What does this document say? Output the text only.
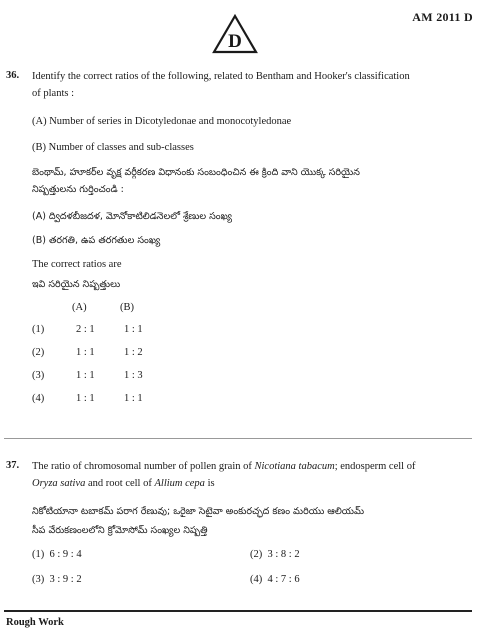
D
AM 2011 D
36. Identify the correct ratios of the following, related to Bentham and Hooker's classification
of plants :
(A) Number of series in Dicotyledonae and monocotyledonae
(B) Number of classes and sub-classes
బెంథామ్, హూకర్‌ల వృక్ష వర్గీకరణ విధానంకు సంబంధించిన ఈ క్రింది వాని యొక్క సరియైన
నిష్పత్తులను గుర్తించండి :
(A) ద్విదళబీజదళ, మోనోకాటిలిడనెలలో శ్రేణుల సంఖ్య
(B) తరగతి, ఉప తరగతుల సంఖ్య
The correct ratios are
ఇవి సరియైన నిష్పత్తులు
(A)	(B)
(1)	2 : 1	1 : 1
(2)	1 : 1	1 : 2
(3)	1 : 1	1 : 3
(4)	1 : 1	1 : 1
37. The ratio of chromosomal number of pollen grain of Nicotiana tabacum; endosperm cell of
Oryza sativa and root cell of Allium cepa is
నికోటియానా టబాకమ్ పరాగ రేణువు; ఒరైజా సెటైవా అంకురచ్ఛద కణం మరియు ఆలియమ్
సీప వేరుకణంలలోని క్రోమోసోమ్ సంఖ్యల నిష్పత్తి
(1) 6 : 9 : 4	(2) 3 : 8 : 2
(3) 3 : 9 : 2	(4) 4 : 7 : 6
Rough Work
